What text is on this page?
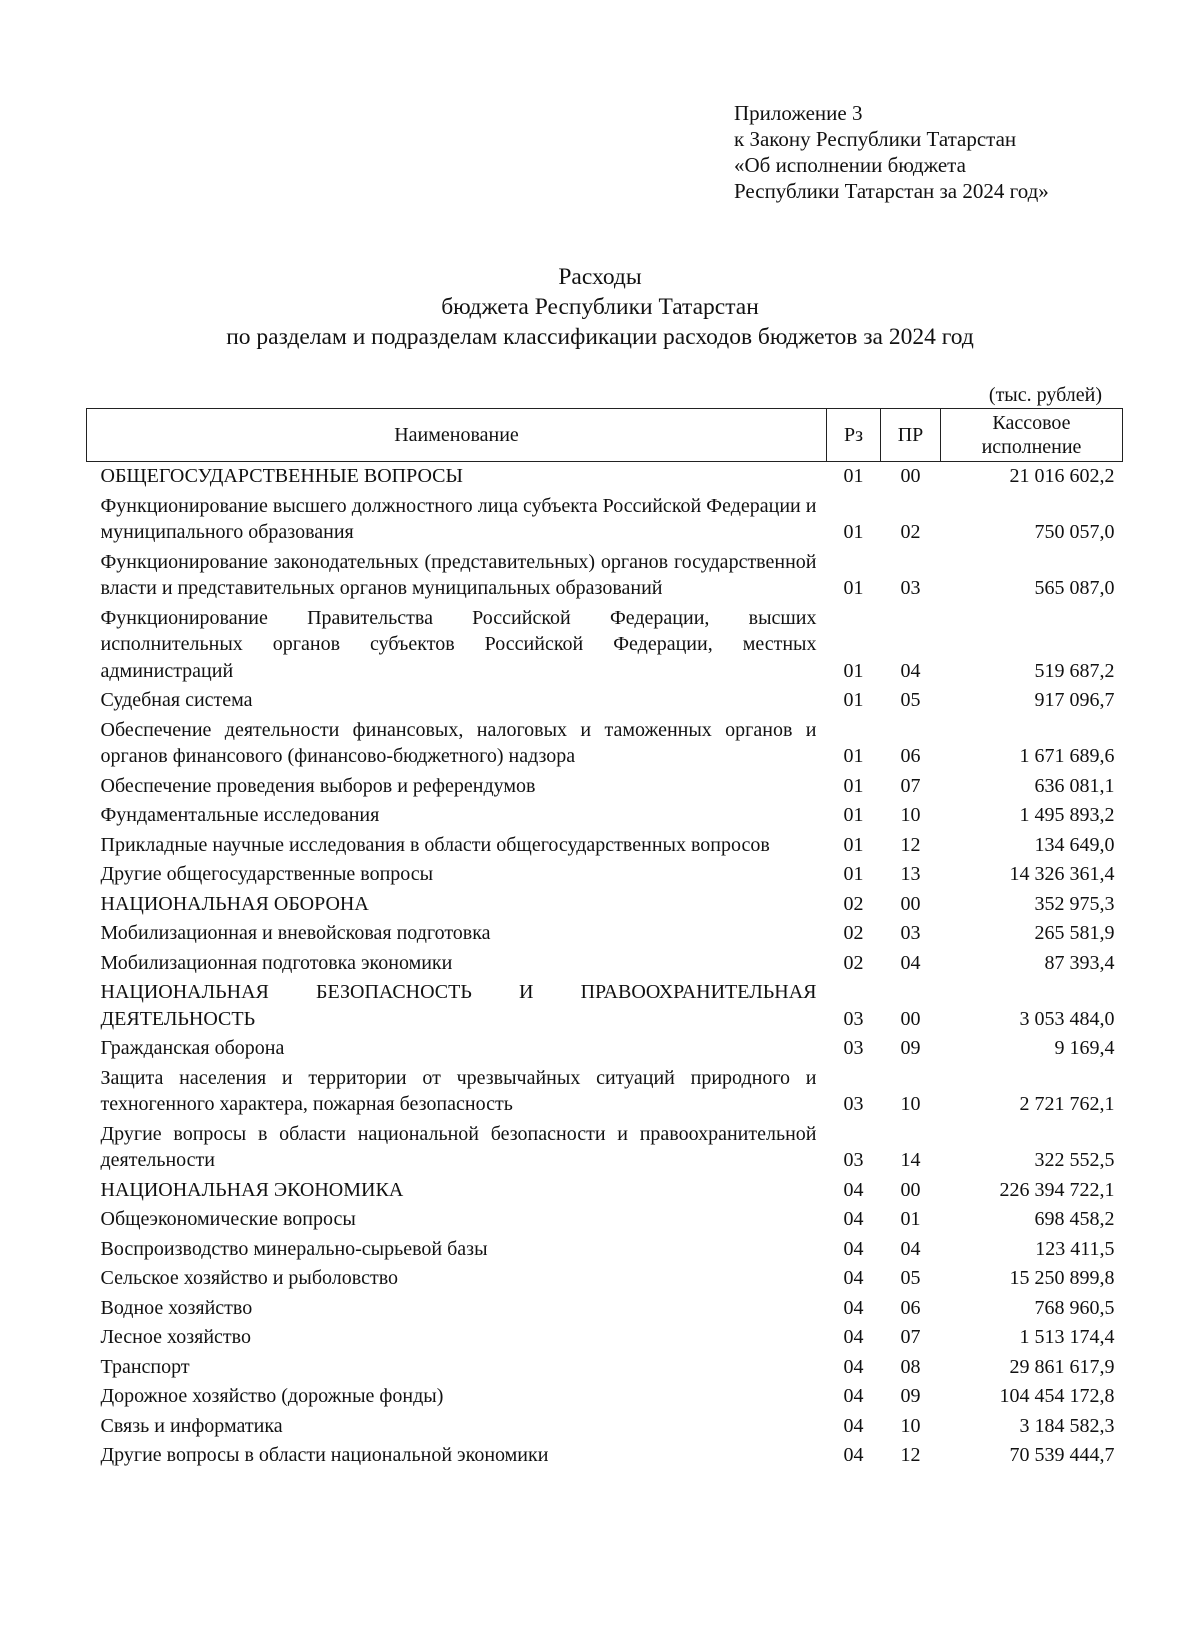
Приложение 3
к Закону Республики Татарстан
«Об исполнении бюджета
Республики Татарстан за 2024 год»
Расходы
бюджета Республики Татарстан
по разделам и подразделам классификации расходов бюджетов за 2024 год
(тыс. рублей)
Наименование	Рз	ПР	Кассовое
исполнение
ОБЩЕГОСУДАРСТВЕННЫЕ ВОПРОСЫ	01	00	21 016 602,2
Функционирование высшего должностного лица субъекта Российской Федерации и муниципального образования	01	02	750 057,0
Функционирование законодательных (представительных) органов государственной власти и представительных органов муниципальных образований	01	03	565 087,0
Функционирование Правительства Российской Федерации, высших исполнительных органов субъектов Российской Федерации, местных администраций	01	04	519 687,2
Судебная система	01	05	917 096,7
Обеспечение деятельности финансовых, налоговых и таможенных органов и органов финансового (финансово-бюджетного) надзора	01	06	1 671 689,6
Обеспечение проведения выборов и референдумов	01	07	636 081,1
Фундаментальные исследования	01	10	1 495 893,2
Прикладные научные исследования в области общегосударственных вопросов	01	12	134 649,0
Другие общегосударственные вопросы	01	13	14 326 361,4
НАЦИОНАЛЬНАЯ ОБОРОНА	02	00	352 975,3
Мобилизационная и вневойсковая подготовка	02	03	265 581,9
Мобилизационная подготовка экономики	02	04	87 393,4
НАЦИОНАЛЬНАЯ БЕЗОПАСНОСТЬ И ПРАВООХРАНИТЕЛЬНАЯ ДЕЯТЕЛЬНОСТЬ	03	00	3 053 484,0
Гражданская оборона	03	09	9 169,4
Защита населения и территории от чрезвычайных ситуаций природного и техногенного характера, пожарная безопасность	03	10	2 721 762,1
Другие вопросы в области национальной безопасности и правоохранительной деятельности	03	14	322 552,5
НАЦИОНАЛЬНАЯ ЭКОНОМИКА	04	00	226 394 722,1
Общеэкономические вопросы	04	01	698 458,2
Воспроизводство минерально-сырьевой базы	04	04	123 411,5
Сельское хозяйство и рыболовство	04	05	15 250 899,8
Водное хозяйство	04	06	768 960,5
Лесное хозяйство	04	07	1 513 174,4
Транспорт	04	08	29 861 617,9
Дорожное хозяйство (дорожные фонды)	04	09	104 454 172,8
Связь и информатика	04	10	3 184 582,3
Другие вопросы в области национальной экономики	04	12	70 539 444,7
